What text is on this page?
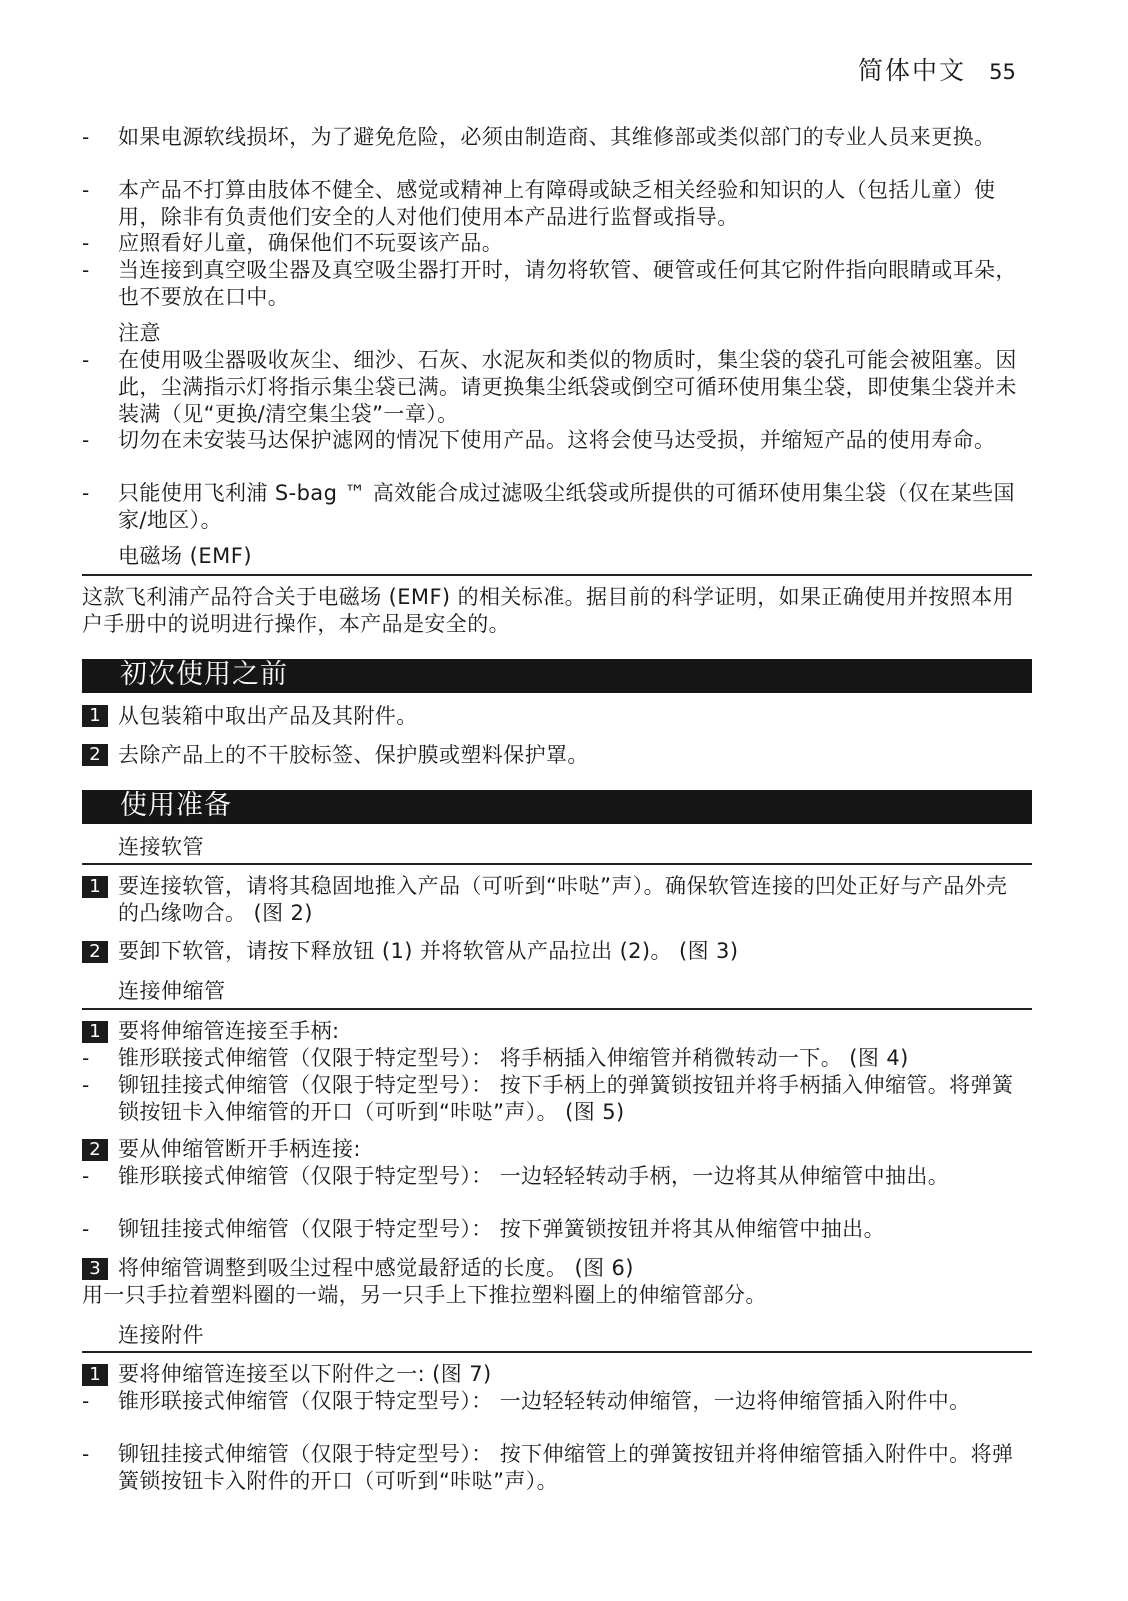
简体中文 55
- 如果电源软线损坏，为了避免危险，必须由制造商、其维修部或类似部门的专业人员来更换。
- 本产品不打算由肢体不健全、感觉或精神上有障碍或缺乏相关经验和知识的人（包括儿童）使用，除非有负责他们安全的人对他们使用本产品进行监督或指导。
- 应照看好儿童，确保他们不玩耍该产品。
- 当连接到真空吸尘器及真空吸尘器打开时，请勿将软管、硬管或任何其它附件指向眼睛或耳朵，也不要放在口中。
注意
- 在使用吸尘器吸收灰尘、细沙、石灰、水泥灰和类似的物质时，集尘袋的袋孔可能会被阻塞。因此，尘满指示灯将指示集尘袋已满。请更换集尘纸袋或倒空可循环使用集尘袋，即使集尘袋并未装满（见“更换/清空集尘袋”一章）。
- 切勿在未安装马达保护滤网的情况下使用产品。这将会使马达受损，并缩短产品的使用寿命。
- 只能使用飞利浦 S-bag ™ 高效能合成过滤吸尘纸袋或所提供的可循环使用集尘袋（仅在某些国家/地区）。
电磁场 (EMF)
这款飞利浦产品符合关于电磁场 (EMF) 的相关标准。据目前的科学证明，如果正确使用并按照本用户手册中的说明进行操作，本产品是安全的。
初次使用之前
1 从包装箱中取出产品及其附件。
2 去除产品上的不干胶标签、保护膜或塑料保护罩。
使用准备
连接软管
1 要连接软管，请将其稳固地推入产品（可听到“咔哒”声）。确保软管连接的凹处正好与产品外壳的凸缘吻合。 (图 2)
2 要卸下软管，请按下释放钮 (1) 并将软管从产品拉出 (2)。 (图 3)
连接伸缩管
1 要将伸缩管连接至手柄:
- 锥形联接式伸缩管（仅限于特定型号）： 将手柄插入伸缩管并稍微转动一下。 (图 4)
- 铆钮挂接式伸缩管（仅限于特定型号）： 按下手柄上的弹簧锁按钮并将手柄插入伸缩管。将弹簧锁按钮卡入伸缩管的开口（可听到“咔哒”声）。 (图 5)
2 要从伸缩管断开手柄连接:
- 锥形联接式伸缩管（仅限于特定型号）： 一边轻轻转动手柄，一边将其从伸缩管中抽出。
- 铆钮挂接式伸缩管（仅限于特定型号）： 按下弹簧锁按钮并将其从伸缩管中抽出。
3 将伸缩管调整到吸尘过程中感觉最舒适的长度。 (图 6)
用一只手拉着塑料圈的一端，另一只手上下推拉塑料圈上的伸缩管部分。
连接附件
1 要将伸缩管连接至以下附件之一: (图 7)
- 锥形联接式伸缩管（仅限于特定型号）： 一边轻轻转动伸缩管，一边将伸缩管插入附件中。
- 铆钮挂接式伸缩管（仅限于特定型号）： 按下伸缩管上的弹簧按钮并将伸缩管插入附件中。将弹簧锁按钮卡入附件的开口（可听到“咔哒”声）。
